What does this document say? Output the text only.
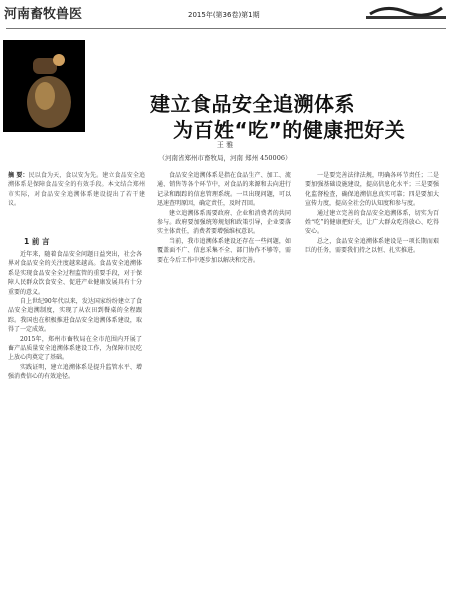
河南畜牧兽医	2015年(第36卷)第1期
建立食品安全追溯体系
为百姓“吃”的健康把好关
王 雅
（河南省郑州市畜牧局，河南 郑州 450006）
摘 要：民以食为天，食以安为先。建立食品安全追溯体系是保障食品安全的有效手段。本文结合郑州市实际，对食品安全追溯体系建设提出了若干建议。
1 前 言

近年来，随着食品安全问题日益突出，社会各界对食品安全的关注度越来越高。食品安全追溯体系是实现食品安全全过程监管的重要手段，对于保障人民群众饮食安全、促进产业健康发展具有十分重要的意义。

自上世纪90年代以来，发达国家纷纷建立了食品安全追溯制度，实现了从农田到餐桌的全程跟踪。我国也在积极推进食品安全追溯体系建设，取得了一定成效。

2015年，郑州市畜牧局在全市范围内开展了畜产品质量安全追溯体系建设工作，为保障市民吃上放心肉奠定了基础。

实践证明，建立追溯体系是提升监管水平、增强消费信心的有效途径。

食品安全追溯体系是指在食品生产、加工、流通、销售等各个环节中，对食品的来源和去向进行记录和跟踪的信息管理系统。一旦出现问题，可以迅速查明原因，确定责任，及时召回。

建立追溯体系需要政府、企业和消费者的共同参与。政府要加强统筹规划和政策引导，企业要落实主体责任，消费者要增强维权意识。

当前，我市追溯体系建设还存在一些问题，如覆盖面不广、信息采集不全、部门协作不够等，需要在今后工作中逐步加以解决和完善。

一是要完善法律法规，明确各环节责任；二是要加强基础设施建设，提高信息化水平；三是要强化监督检查，确保追溯信息真实可靠；四是要加大宣传力度，提高全社会的认知度和参与度。

通过建立完善的食品安全追溯体系，切实为百姓“吃”的健康把好关，让广大群众吃得放心、吃得安心。

总之，食品安全追溯体系建设是一项长期而艰巨的任务，需要我们持之以恒、扎实推进。
